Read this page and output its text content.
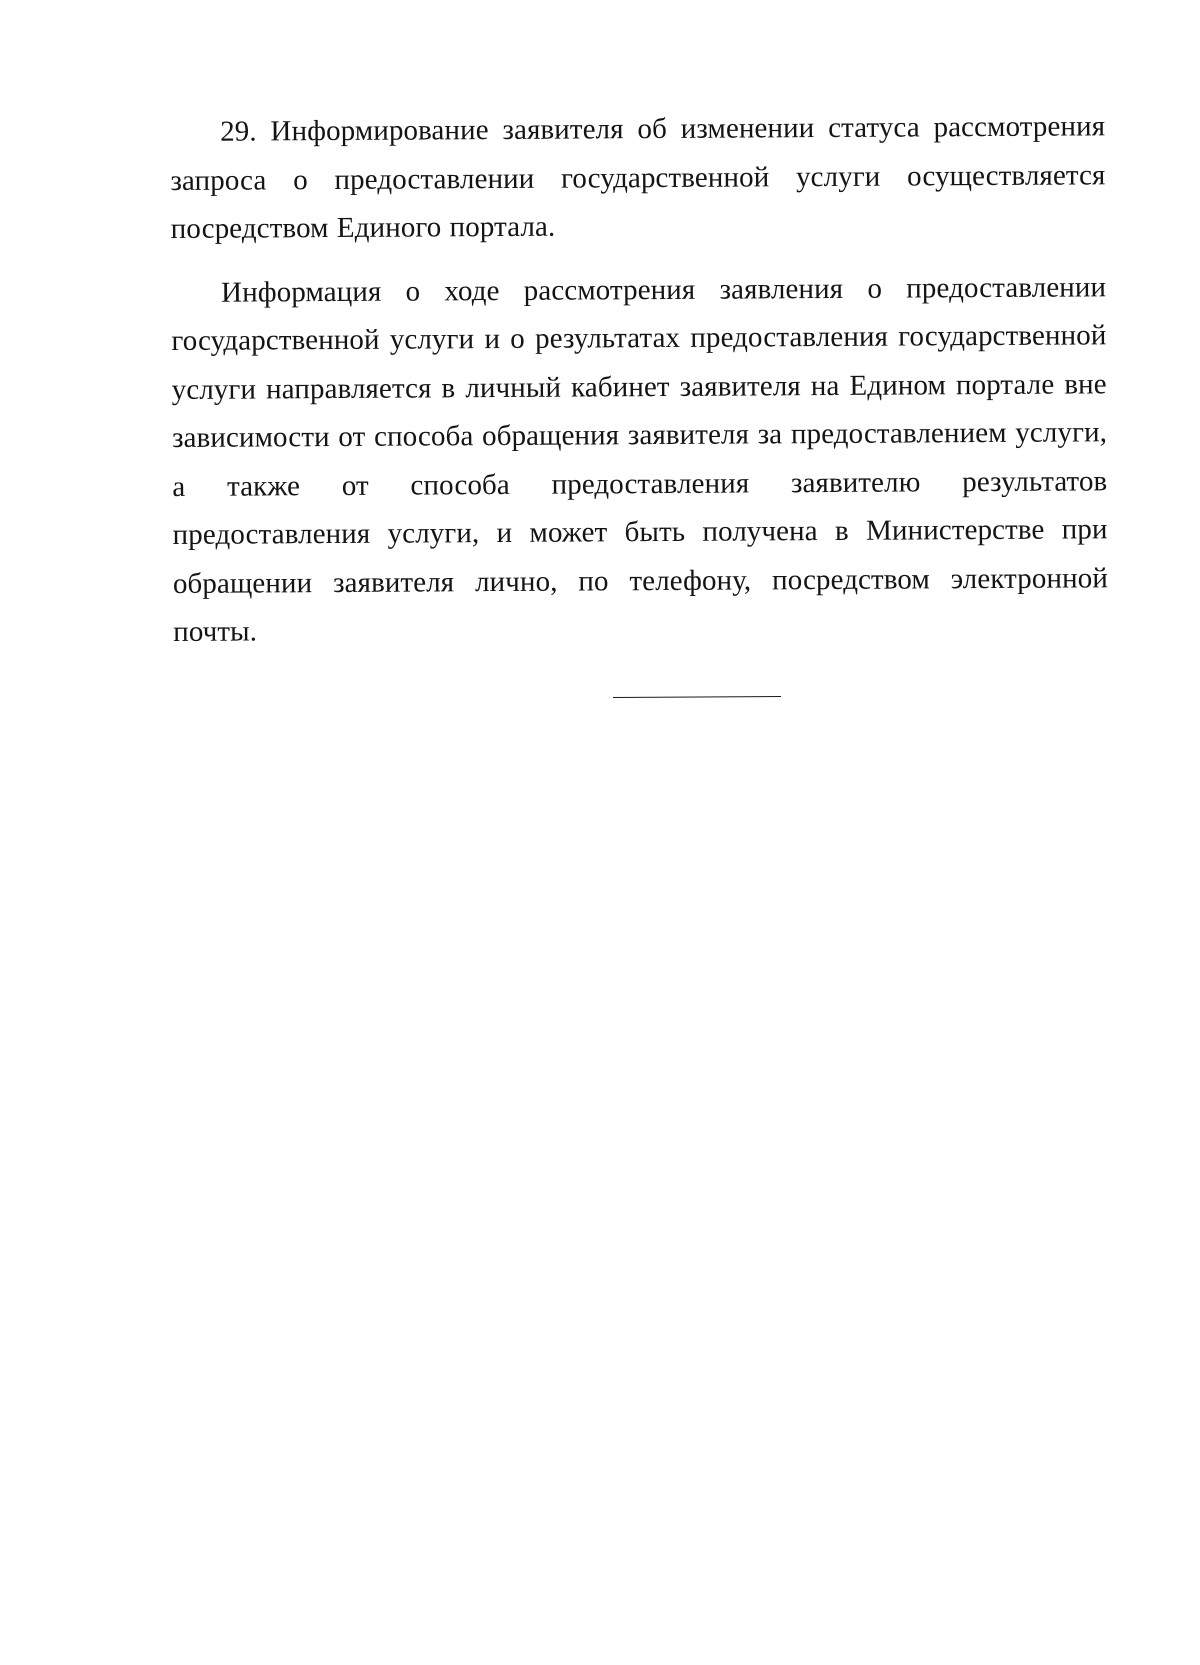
29. Информирование заявителя об изменении статуса рассмотрения запроса о предоставлении государственной услуги осуществляется посредством Единого портала.

Информация о ходе рассмотрения заявления о предоставлении государственной услуги и о результатах предоставления государственной услуги направляется в личный кабинет заявителя на Едином портале вне зависимости от способа обращения заявителя за предоставлением услуги, а также от способа предоставления заявителю результатов предоставления услуги, и может быть получена в Министерстве при обращении заявителя лично, по телефону, посредством электронной почты.
